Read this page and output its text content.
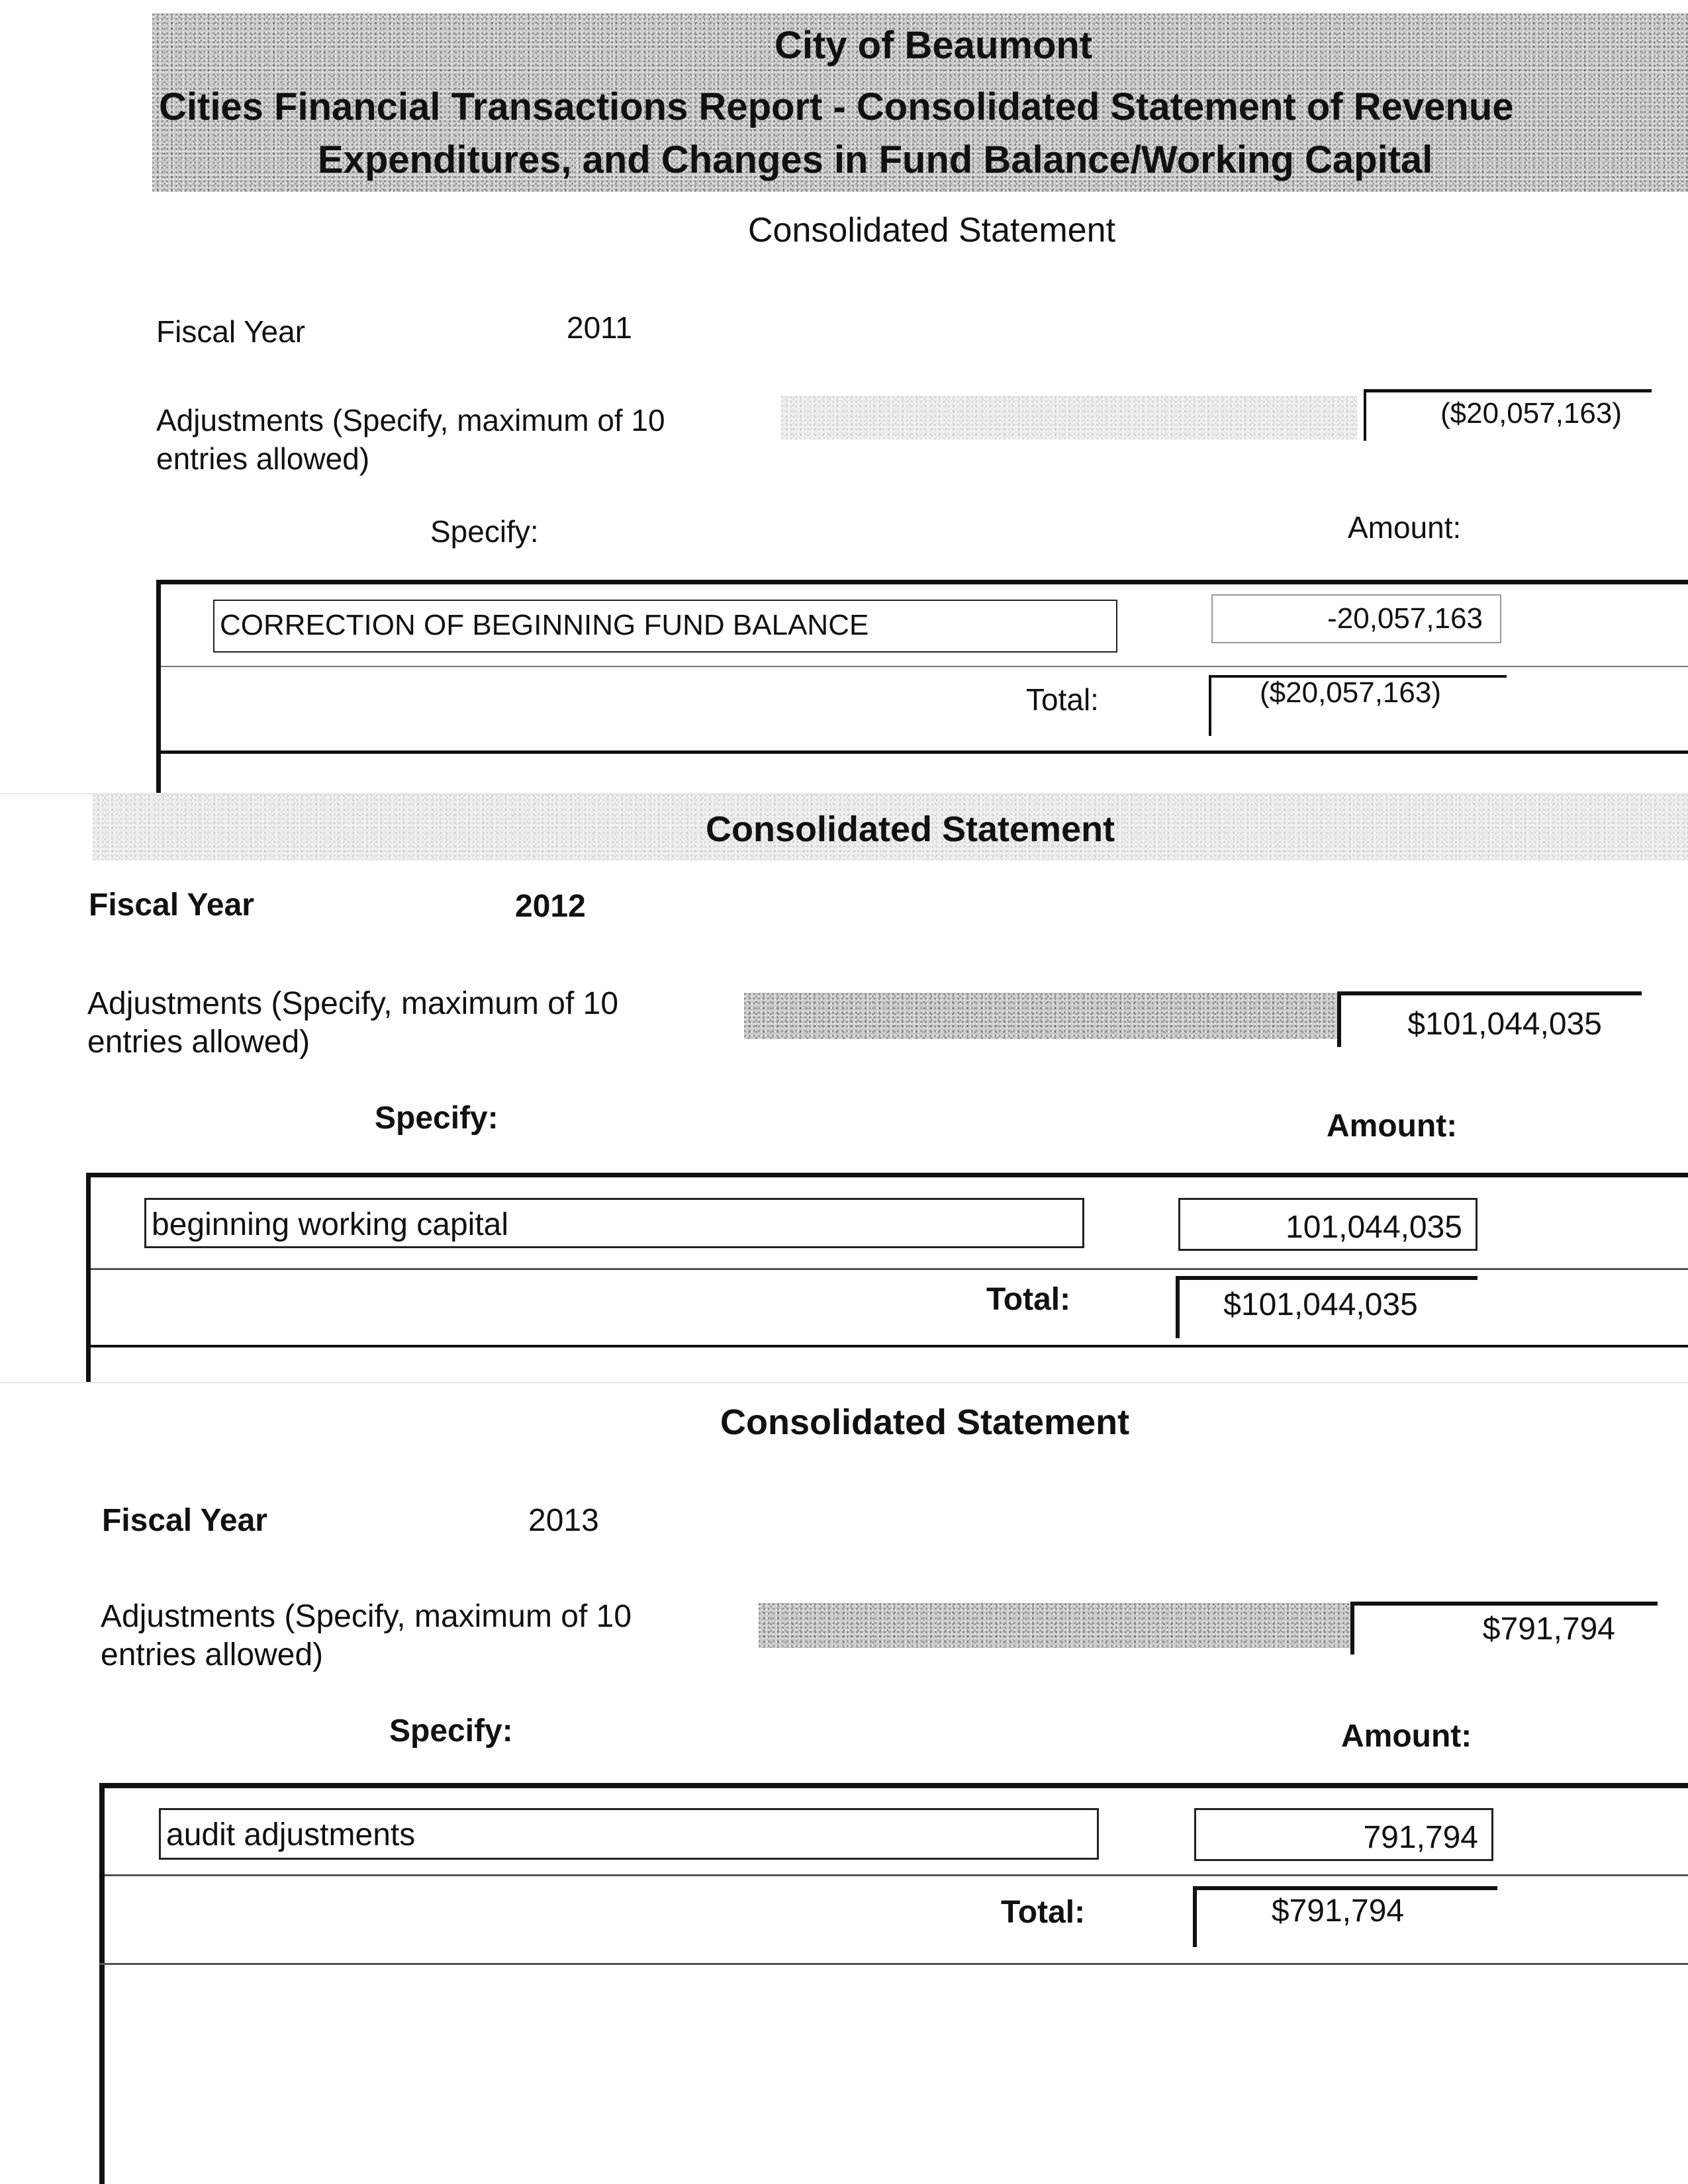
City of Beaumont
Cities Financial Transactions Report - Consolidated Statement of Revenue
Expenditures, and Changes in Fund Balance/Working Capital
Consolidated Statement
Fiscal Year	2011
Adjustments (Specify, maximum of 10
entries allowed)
($20,057,163)
Specify:	Amount:
CORRECTION OF BEGINNING FUND BALANCE	-20,057,163
Total:	($20,057,163)
Consolidated Statement
Fiscal Year	2012
Adjustments (Specify, maximum of 10
entries allowed)
$101,044,035
Specify:	Amount:
beginning working capital	101,044,035
Total:	$101,044,035
Consolidated Statement
Fiscal Year	2013
Adjustments (Specify, maximum of 10
entries allowed)
$791,794
Specify:	Amount:
audit adjustments	791,794
Total:	$791,794
